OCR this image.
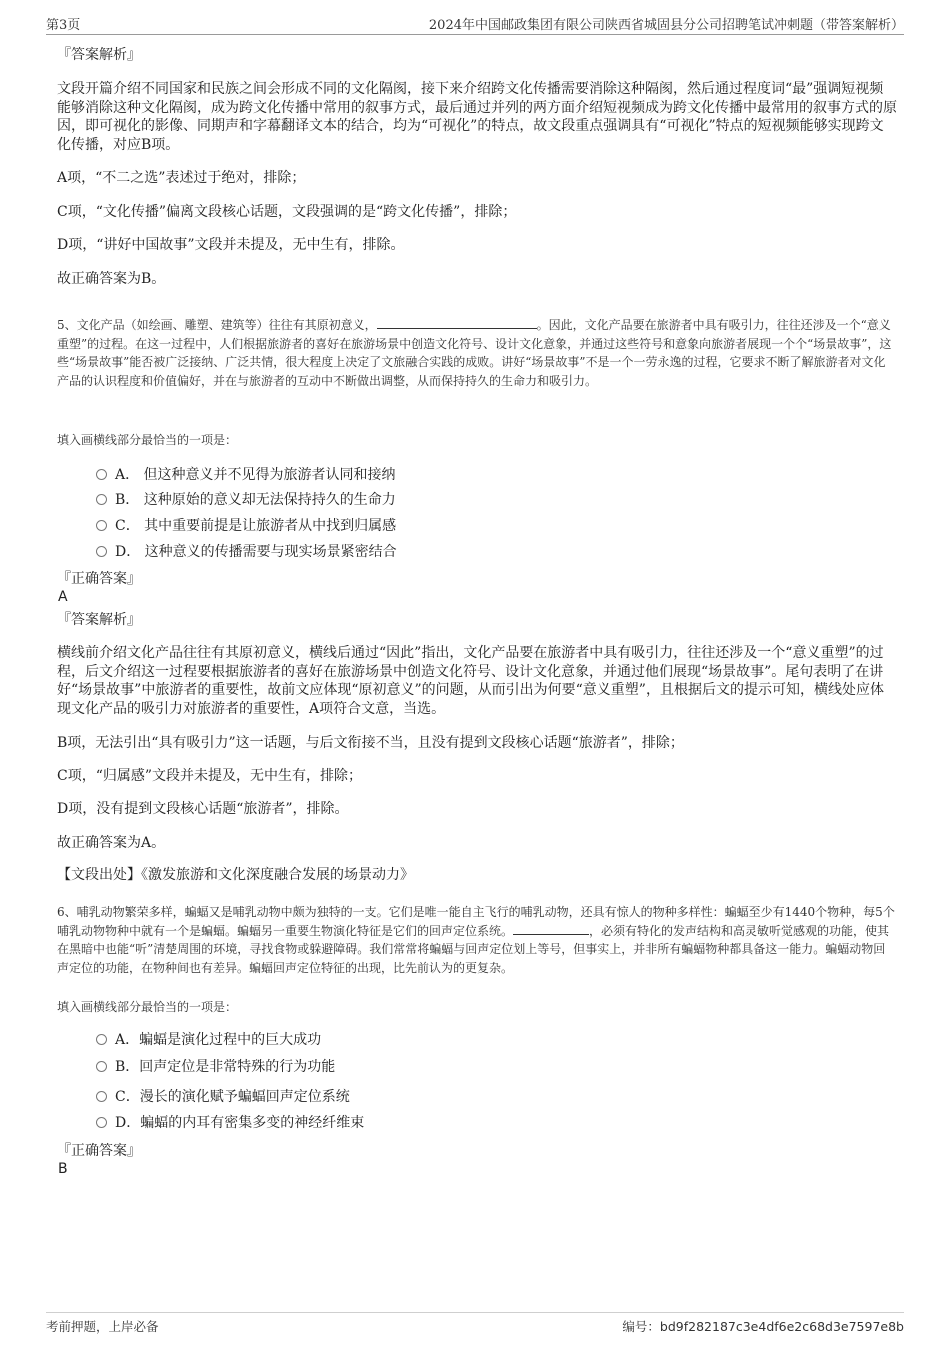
第3页	2024年中国邮政集团有限公司陕西省城固县分公司招聘笔试冲刺题（带答案解析）
『答案解析』
文段开篇介绍不同国家和民族之间会形成不同的文化隔阂，接下来介绍跨文化传播需要消除这种隔阂，然后通过程度词“最”强调短视频能够消除这种文化隔阂，成为跨文化传播中常用的叙事方式，最后通过并列的两方面介绍短视频成为跨文化传播中最常用的叙事方式的原因，即可视化的影像、同期声和字幕翻译文本的结合，均为“可视化”的特点，故文段重点强调具有“可视化”特点的短视频能够实现跨文化传播，对应B项。
A项，“不二之选”表述过于绝对，排除；
C项，“文化传播”偏离文段核心话题，文段强调的是“跨文化传播”，排除；
D项，“讲好中国故事”文段并未提及，无中生有，排除。
故正确答案为B。
5、文化产品（如绘画、雕塑、建筑等）往往有其原初意义，	。因此，文化产品要在旅游者中具有吸引力，往往还涉及一个“意义重塑”的过程。在这一过程中，人们根据旅游者的喜好在旅游场景中创造文化符号、设计文化意象，并通过这些符号和意象向旅游者展现一个个“场景故事”，这些“场景故事”能否被广泛接纳、广泛共情，很大程度上决定了文旅融合实践的成败。讲好“场景故事”不是一个一劳永逸的过程，它要求不断了解旅游者对文化产品的认识程度和价值偏好，并在与旅游者的互动中不断做出调整，从而保持持久的生命力和吸引力。
填入画横线部分最恰当的一项是：
A． 但这种意义并不见得为旅游者认同和接纳
B． 这种原始的意义却无法保持持久的生命力
C． 其中重要前提是让旅游者从中找到归属感
D． 这种意义的传播需要与现实场景紧密结合
『正确答案』
A
『答案解析』
横线前介绍文化产品往往有其原初意义，横线后通过“因此”指出，文化产品要在旅游者中具有吸引力，往往还涉及一个“意义重塑”的过程，后文介绍这一过程要根据旅游者的喜好在旅游场景中创造文化符号、设计文化意象，并通过他们展现“场景故事”。尾句表明了在讲好“场景故事”中旅游者的重要性，故前文应体现“原初意义”的问题，从而引出为何要“意义重塑”，且根据后文的提示可知，横线处应体现文化产品的吸引力对旅游者的重要性，A项符合文意，当选。
B项，无法引出“具有吸引力”这一话题，与后文衔接不当，且没有提到文段核心话题“旅游者”，排除；
C项，“归属感”文段并未提及，无中生有，排除；
D项，没有提到文段核心话题“旅游者”，排除。
故正确答案为A。
【文段出处】《激发旅游和文化深度融合发展的场景动力》
6、哺乳动物繁荣多样，蝙蝠又是哺乳动物中颇为独特的一支。它们是唯一能自主飞行的哺乳动物，还具有惊人的物种多样性：蝙蝠至少有1440个物种，每5个哺乳动物物种中就有一个是蝙蝠。蝙蝠另一重要生物演化特征是它们的回声定位系统。	，必须有特化的发声结构和高灵敏听觉感观的功能，使其在黑暗中也能“听”清楚周围的环境，寻找食物或躲避障碍。我们常常将蝙蝠与回声定位划上等号，但事实上，并非所有蝙蝠物种都具备这一能力。蝙蝠动物回声定位的功能，在物种间也有差异。蝙蝠回声定位特征的出现，比先前认为的更复杂。
填入画横线部分最恰当的一项是：
A．蝙蝠是演化过程中的巨大成功
B．回声定位是非常特殊的行为功能
C．漫长的演化赋予蝙蝠回声定位系统
D．蝙蝠的内耳有密集多变的神经纤维束
『正确答案』
B
考前押题，上岸必备	编号：bd9f282187c3e4df6e2c68d3e7597e8b
